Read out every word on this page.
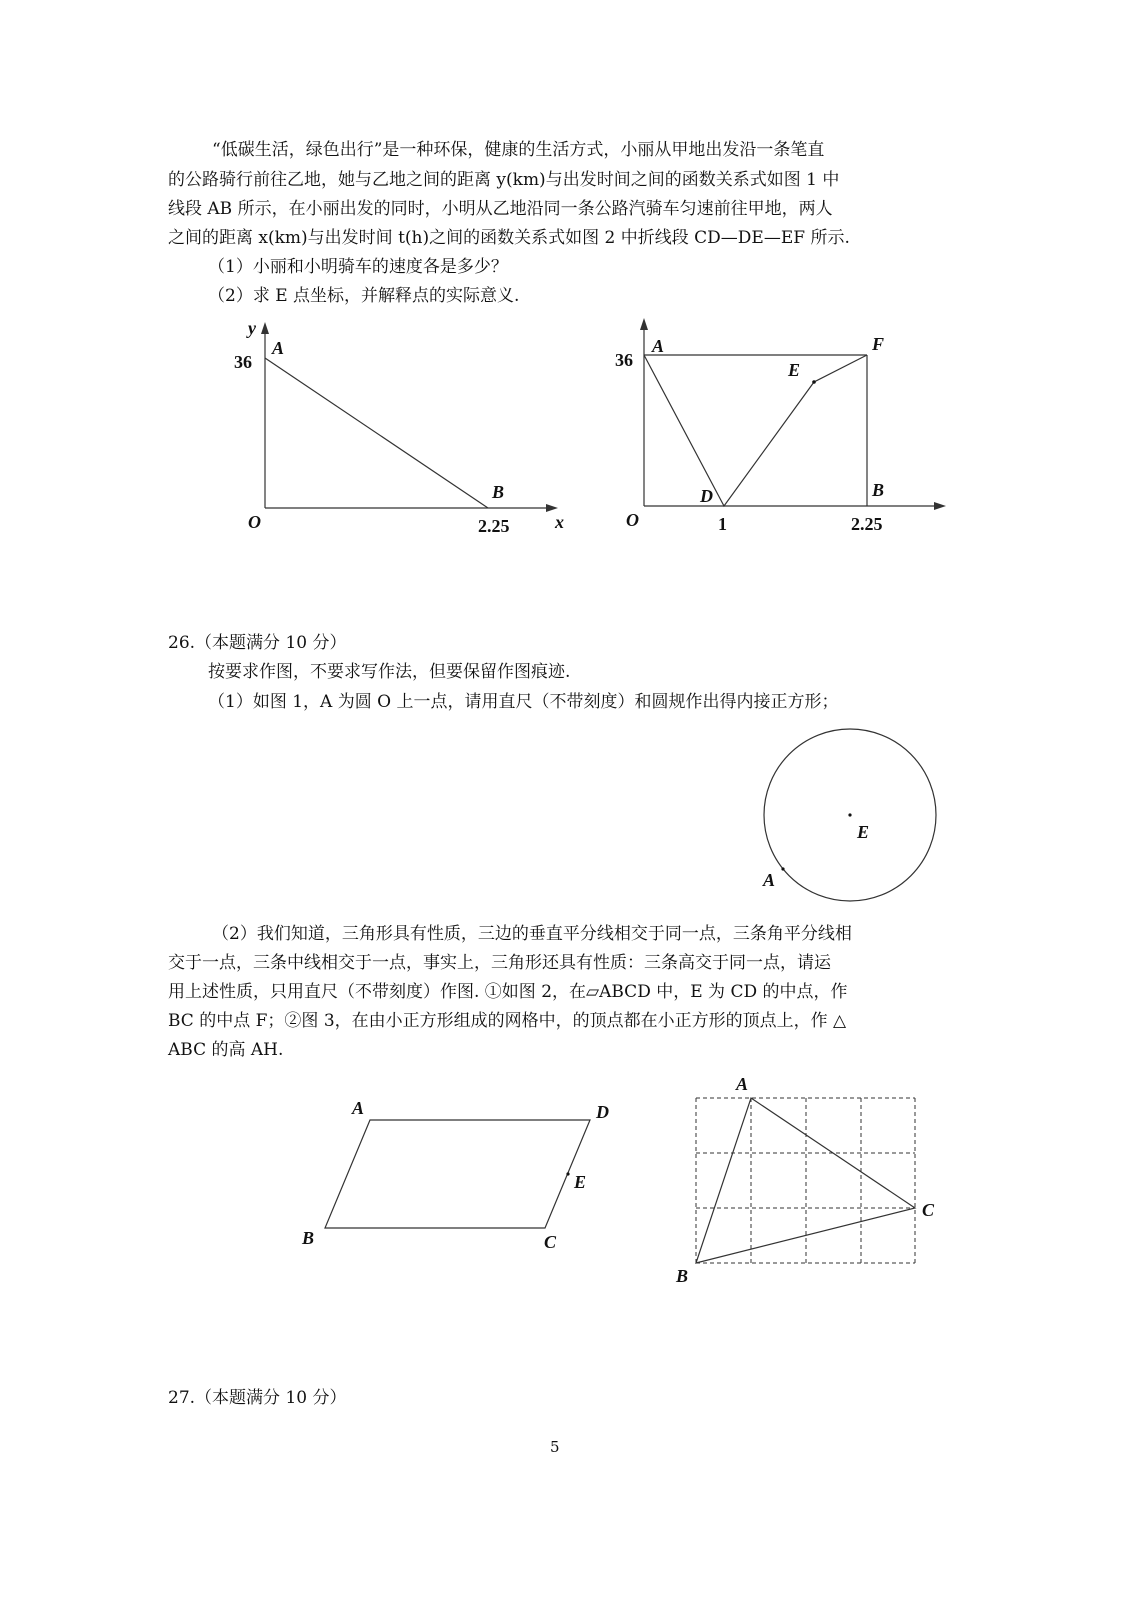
“低碳生活，绿色出行”是一种环保，健康的生活方式，小丽从甲地出发沿一条笔直
的公路骑行前往乙地，她与乙地之间的距离 y(km)与出发时间之间的函数关系式如图 1 中
线段 AB 所示，在小丽出发的同时，小明从乙地沿同一条公路汽骑车匀速前往甲地，两人
之间的距离 x(km)与出发时间 t(h)之间的函数关系式如图 2 中折线段 CD—DE—EF 所示.
（1）小丽和小明骑车的速度各是多少？
（2）求 E 点坐标，并解释点的实际意义.
y
36
A
B
O	2.25	x
36
A	F
E
D	B
O	1	2.25
26.（本题满分 10 分）
按要求作图，不要求写作法，但要保留作图痕迹.
（1）如图 1，A 为圆 O 上一点，请用直尺（不带刻度）和圆规作出得内接正方形；
E
A
（2）我们知道，三角形具有性质，三边的垂直平分线相交于同一点，三条角平分线相
交于一点，三条中线相交于一点，事实上，三角形还具有性质：三条高交于同一点，请运
用上述性质，只用直尺（不带刻度）作图. ①如图 2，在▱ABCD 中，E 为 CD 的中点，作
BC 的中点 F；②图 3，在由小正方形组成的网格中，的顶点都在小正方形的顶点上，作 △
ABC 的高 AH.
A	D
E
B	C
A
C
B
27.（本题满分 10 分）
5
